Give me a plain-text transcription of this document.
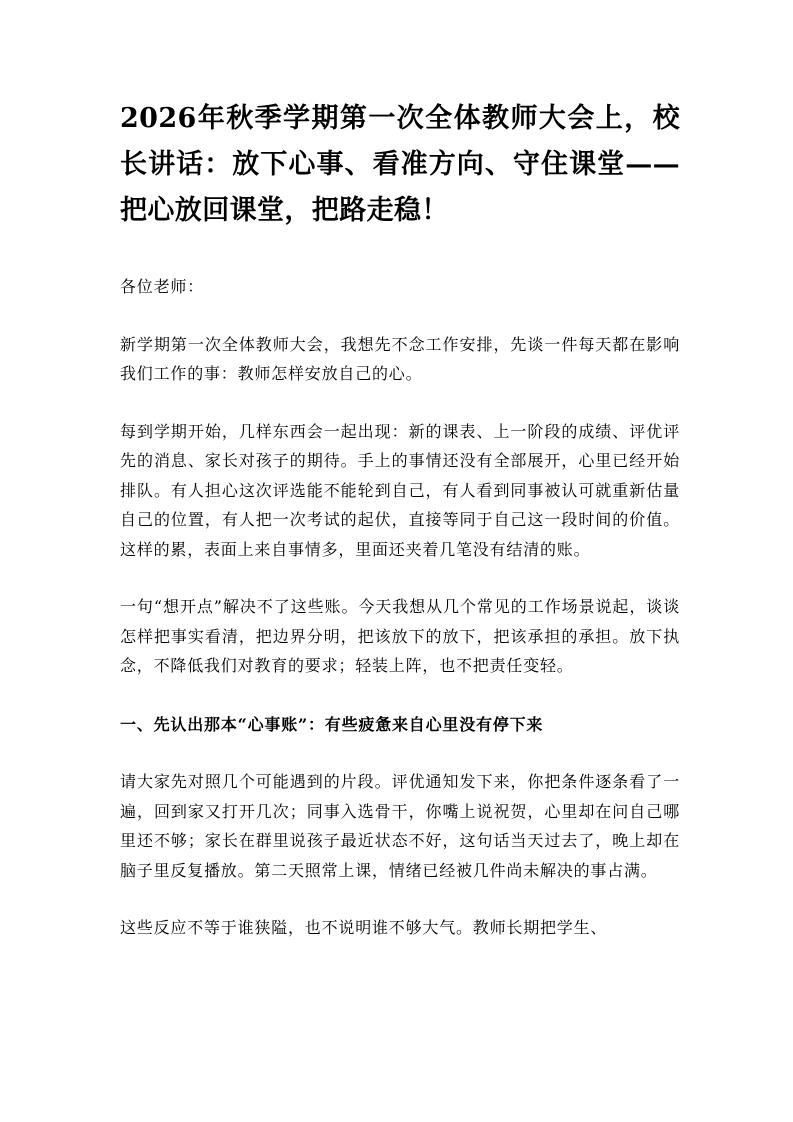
2026年秋季学期第一次全体教师大会上，校长讲话：放下心事、看准方向、守住课堂——把心放回课堂，把路走稳！

各位老师：

新学期第一次全体教师大会，我想先不念工作安排，先谈一件每天都在影响我们工作的事：教师怎样安放自己的心。

每到学期开始，几样东西会一起出现：新的课表、上一阶段的成绩、评优评先的消息、家长对孩子的期待。手上的事情还没有全部展开，心里已经开始排队。有人担心这次评选能不能轮到自己，有人看到同事被认可就重新估量自己的位置，有人把一次考试的起伏，直接等同于自己这一段时间的价值。这样的累，表面上来自事情多，里面还夹着几笔没有结清的账。

一句“想开点”解决不了这些账。今天我想从几个常见的工作场景说起，谈谈怎样把事实看清，把边界分明，把该放下的放下，把该承担的承担。放下执念，不降低我们对教育的要求；轻装上阵，也不把责任变轻。

一、先认出那本“心事账”：有些疲惫来自心里没有停下来

请大家先对照几个可能遇到的片段。评优通知发下来，你把条件逐条看了一遍，回到家又打开几次；同事入选骨干，你嘴上说祝贺，心里却在问自己哪里还不够；家长在群里说孩子最近状态不好，这句话当天过去了，晚上却在脑子里反复播放。第二天照常上课，情绪已经被几件尚未解决的事占满。

这些反应不等于谁狭隘，也不说明谁不够大气。教师长期把学生、
